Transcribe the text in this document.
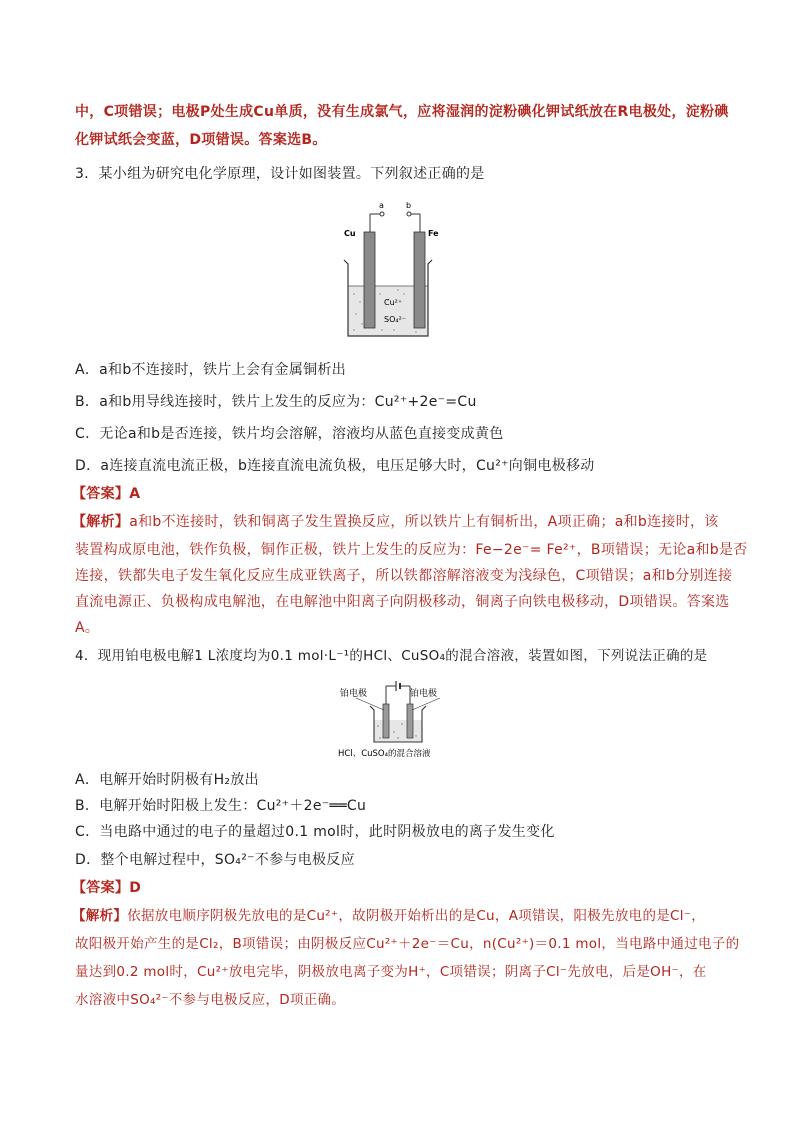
中，C项错误；电极P处生成Cu单质，没有生成氯气，应将湿润的淀粉碘化钾试纸放在R电极处，淀粉碘
化钾试纸会变蓝，D项错误。答案选B。
3．某小组为研究电化学原理，设计如图装置。下列叙述正确的是
a	b
Cu	Fe
Cu²⁺
SO₄²⁻
A．a和b不连接时，铁片上会有金属铜析出
B．a和b用导线连接时，铁片上发生的反应为：Cu²⁺+2e⁻=Cu
C．无论a和b是否连接，铁片均会溶解，溶液均从蓝色直接变成黄色
D．a连接直流电流正极，b连接直流电流负极，电压足够大时，Cu²⁺向铜电极移动
【答案】A
【解析】a和b不连接时，铁和铜离子发生置换反应，所以铁片上有铜析出，A项正确；a和b连接时，该
装置构成原电池，铁作负极，铜作正极，铁片上发生的反应为：Fe−2e⁻= Fe²⁺，B项错误；无论a和b是否
连接，铁都失电子发生氧化反应生成亚铁离子，所以铁都溶解溶液变为浅绿色，C项错误；a和b分别连接
直流电源正、负极构成电解池，在电解池中阳离子向阴极移动，铜离子向铁电极移动，D项错误。答案选
A。
4．现用铂电极电解1 L浓度均为0.1 mol·L⁻¹的HCl、CuSO₄的混合溶液，装置如图，下列说法正确的是
铂电极	铂电极
HCl、CuSO₄的混合溶液
A．电解开始时阴极有H₂放出
B．电解开始时阳极上发生：Cu²⁺＋2e⁻══Cu
C．当电路中通过的电子的量超过0.1 mol时，此时阴极放电的离子发生变化
D．整个电解过程中，SO₄²⁻不参与电极反应
【答案】D
【解析】依据放电顺序阴极先放电的是Cu²⁺，故阴极开始析出的是Cu，A项错误，阳极先放电的是Cl⁻，
故阳极开始产生的是Cl₂，B项错误；由阴极反应Cu²⁺＋2e⁻＝Cu，n(Cu²⁺)＝0.1 mol，当电路中通过电子的
量达到0.2 mol时，Cu²⁺放电完毕，阴极放电离子变为H⁺，C项错误；阴离子Cl⁻先放电，后是OH⁻，在
水溶液中SO₄²⁻不参与电极反应，D项正确。
